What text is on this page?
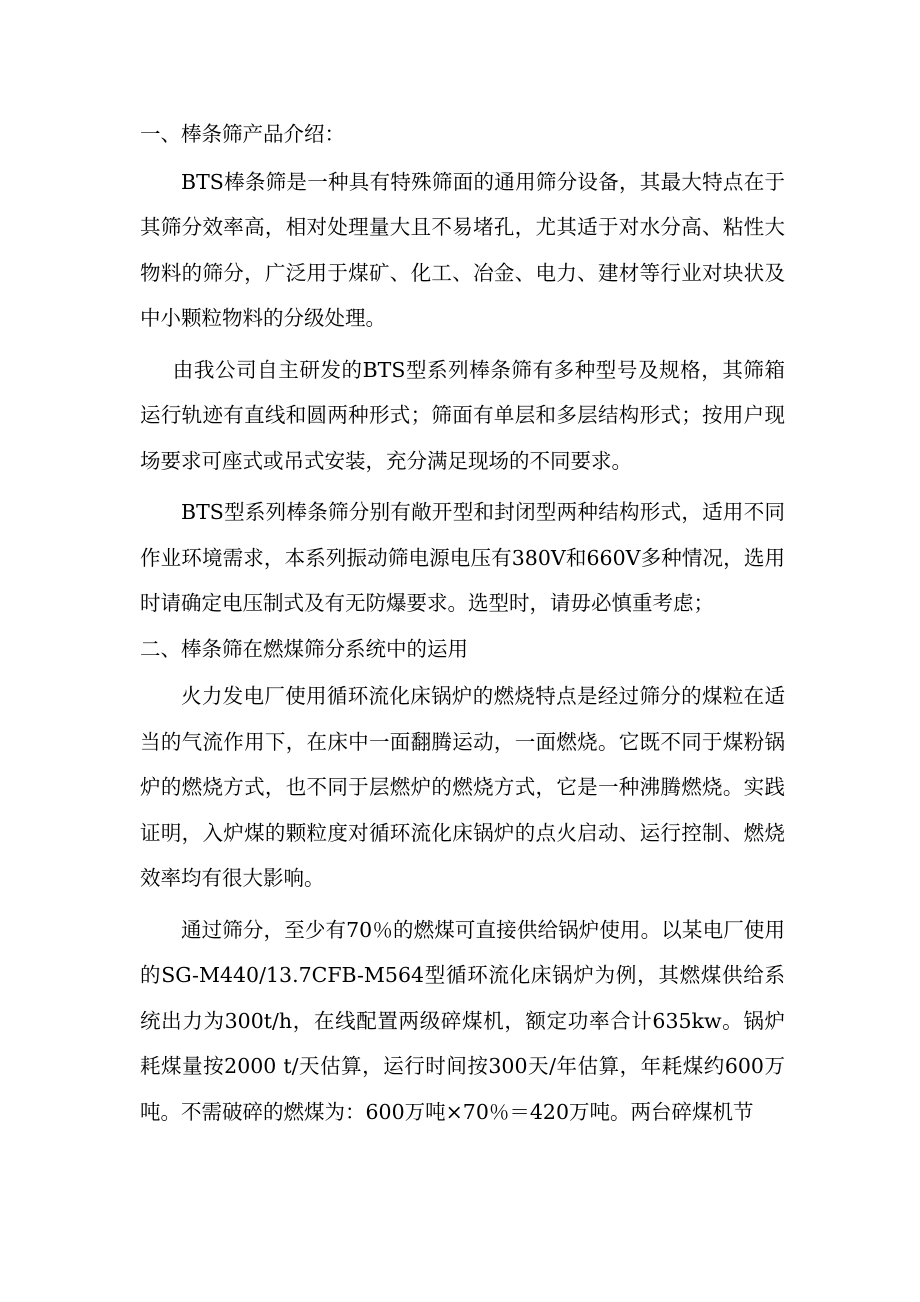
一、棒条筛产品介绍：

BTS棒条筛是一种具有特殊筛面的通用筛分设备，其最大特点在于其筛分效率高，相对处理量大且不易堵孔，尤其适于对水分高、粘性大物料的筛分，广泛用于煤矿、化工、冶金、电力、建材等行业对块状及中小颗粒物料的分级处理。

由我公司自主研发的BTS型系列棒条筛有多种型号及规格，其筛箱运行轨迹有直线和圆两种形式；筛面有单层和多层结构形式；按用户现场要求可座式或吊式安装，充分满足现场的不同要求。

BTS型系列棒条筛分别有敞开型和封闭型两种结构形式，适用不同作业环境需求，本系列振动筛电源电压有380V和660V多种情况，选用时请确定电压制式及有无防爆要求。选型时，请毋必慎重考虑；

二、棒条筛在燃煤筛分系统中的运用

火力发电厂使用循环流化床锅炉的燃烧特点是经过筛分的煤粒在适当的气流作用下，在床中一面翻腾运动，一面燃烧。它既不同于煤粉锅炉的燃烧方式，也不同于层燃炉的燃烧方式，它是一种沸腾燃烧。实践证明，入炉煤的颗粒度对循环流化床锅炉的点火启动、运行控制、燃烧效率均有很大影响。

通过筛分，至少有70％的燃煤可直接供给锅炉使用。以某电厂使用的SG-M440/13.7CFB-M564型循环流化床锅炉为例，其燃煤供给系统出力为300t/h，在线配置两级碎煤机，额定功率合计635kw。锅炉耗煤量按2000 t/天估算，运行时间按300天/年估算，年耗煤约600万吨。不需破碎的燃煤为：600万吨×70％＝420万吨。两台碎煤机节
